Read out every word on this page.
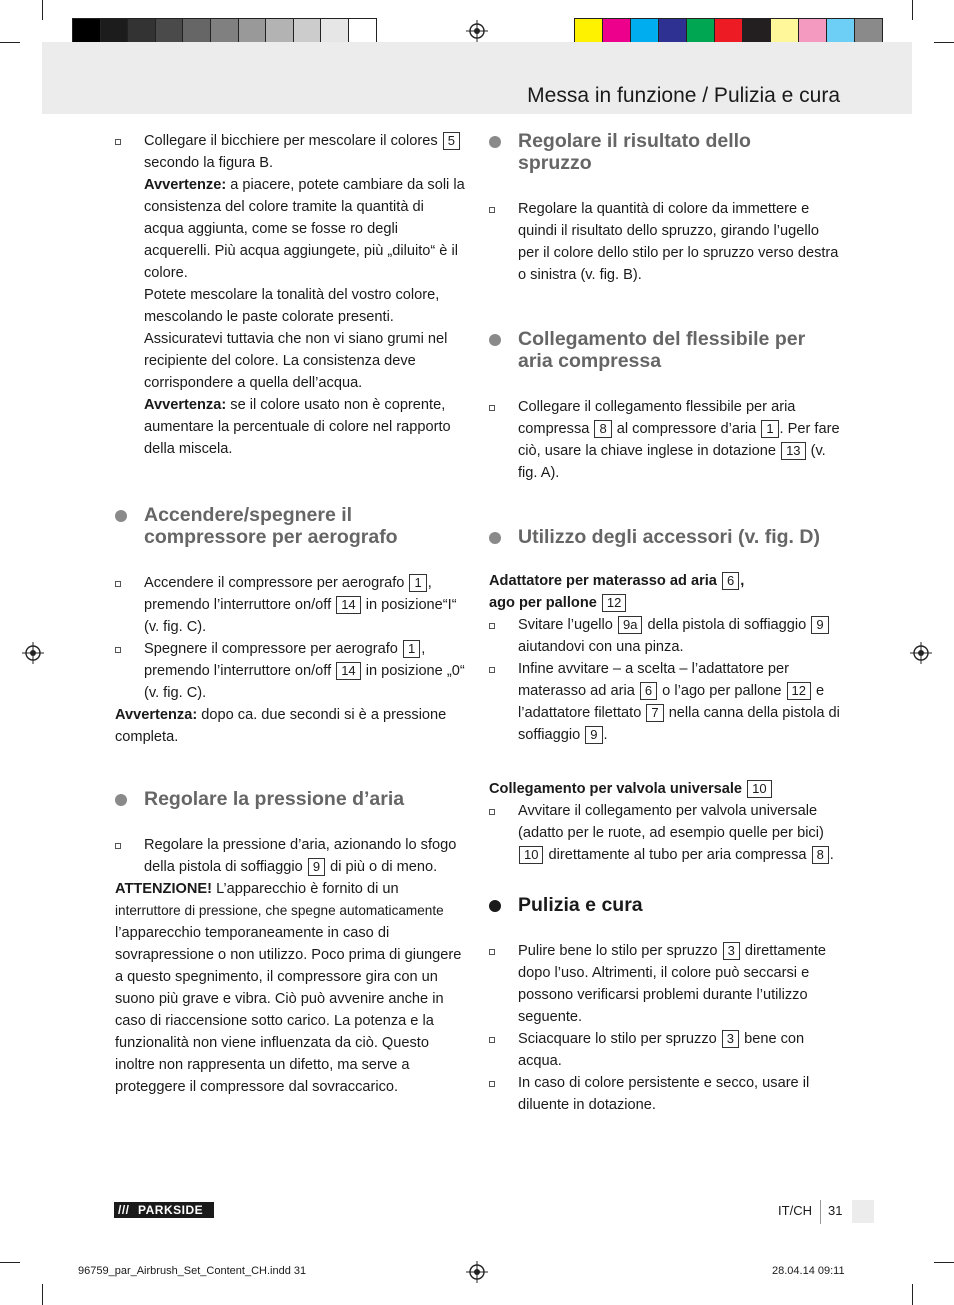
Messa in funzione / Pulizia e cura
Collegare il bicchiere per mescolare il colores 5
secondo la figura B.
Avvertenze: a piacere, potete cambiare da soli la consistenza del colore tramite la quantità di acqua aggiunta, come se fosse ro degli acquerelli. Più acqua aggiungete, più „diluito“ è il colore.
Potete mescolare la tonalità del vostro colore, mescolando le paste colorate presenti. Assicuratevi tuttavia che non vi siano grumi nel recipiente del colore. La consistenza deve corrispondere a quella dell’acqua.
Avvertenza: se il colore usato non è coprente, aumentare la percentuale di colore nel rapporto della miscela.
Accendere/spegnere il compressore per aerografo
Accendere il compressore per aerografo 1 , premendo l’interruttore on/off 14 in posizione“I“ (v. fig. C).
Spegnere il compressore per aerografo 1 , premendo l’interruttore on/off 14 in posizione „0“ (v. fig. C).
Avvertenza: dopo ca. due secondi si è a pressione completa.
Regolare la pressione d’aria
Regolare la pressione d’aria, azionando lo sfogo della pistola di soffiaggio 9 di più o di meno.
ATTENZIONE! L’apparecchio è fornito di un
interruttore di pressione, che spegne automaticamente
l’apparecchio temporaneamente in caso di sovrapressione o non utilizzo. Poco prima di giungere a questo spegnimento, il compressore gira con un suono più grave e vibra. Ciò può avvenire anche in caso di riaccensione sotto carico. La potenza e la funzionalità non viene influenzata da ciò. Questo inoltre non rappresenta un difetto, ma serve a proteggere il compressore dal sovraccarico.
Regolare il risultato dello spruzzo
Regolare la quantità di colore da immettere e quindi il risultato dello spruzzo, girando l’ugello per il colore dello stilo per lo spruzzo verso destra o sinistra (v. fig. B).
Collegamento del flessibile per aria compressa
Collegare il collegamento flessibile per aria compressa 8 al compressore d’aria 1 . Per fare ciò, usare la chiave inglese in dotazione 13 (v. fig. A).
Utilizzo degli accessori (v. fig. D)
Adattatore per materasso ad aria 6 ,
ago per pallone 12
Svitare l’ugello 9a della pistola di soffiaggio 9 aiutandovi con una pinza.
Infine avvitare – a scelta – l’adattatore per materasso ad aria 6 o l’ago per pallone 12 e l’adattatore filettato 7 nella canna della pistola di soffiaggio 9 .
Collegamento per valvola universale 10
Avvitare il collegamento per valvola universale (adatto per le ruote, ad esempio quelle per bici) 10 direttamente al tubo per aria compressa 8 .
Pulizia e cura
Pulire bene lo stilo per spruzzo 3 direttamente dopo l’uso. Altrimenti, il colore può seccarsi e possono verificarsi problemi durante l’utilizzo seguente.
Sciacquare lo stilo per spruzzo 3 bene con acqua.
In caso di colore persistente e secco, usare il diluente in dotazione.
/// PARKSIDE	IT/CH 31
96759_par_Airbrush_Set_Content_CH.indd 31	28.04.14 09:11
